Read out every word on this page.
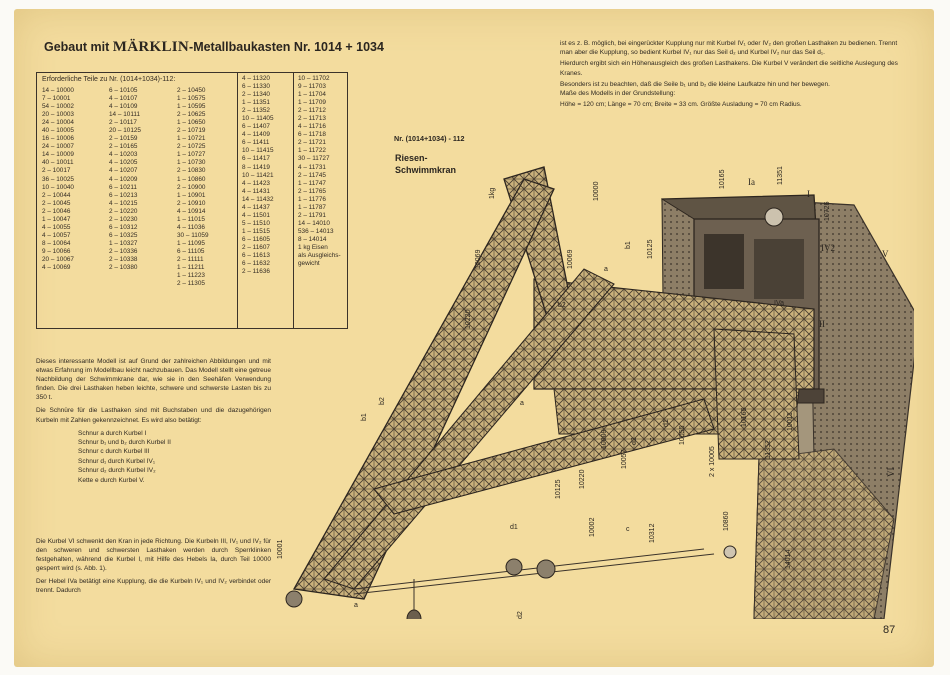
Gebaut mit MÄRKLIN-Metallbaukasten Nr. 1014 + 1034
Erforderliche Teile zu Nr. (1014+1034)-112:
14 – 10000
7 – 10001
54 – 10002
20 – 10003
24 – 10004
40 – 10005
16 – 10006
24 – 10007
14 – 10009
40 – 10011
2 – 10017
36 – 10025
10 – 10040
2 – 10044
2 – 10045
2 – 10046
1 – 10047
4 – 10055
4 – 10057
8 – 10064
9 – 10066
20 – 10067
4 – 10069
6 – 10105
4 – 10107
4 – 10109
14 – 10111
2 – 10117
20 – 10125
2 – 10159
2 – 10165
4 – 10203
4 – 10205
4 – 10207
4 – 10209
6 – 10211
6 – 10213
4 – 10215
2 – 10220
2 – 10230
6 – 10312
6 – 10325
1 – 10327
2 – 10336
2 – 10338
2 – 10380
2 – 10450
1 – 10575
1 – 10595
2 – 10625
1 – 10650
2 – 10719
1 – 10721
2 – 10725
1 – 10727
1 – 10730
2 – 10830
1 – 10860
2 – 10900
1 – 10901
2 – 10910
4 – 10914
1 – 11015
4 – 11036
30 – 11059
1 – 11095
6 – 11105
2 – 11111
1 – 11211
1 – 11223
2 – 11305
4 – 11320
6 – 11330
2 – 11340
1 – 11351
2 – 11352
10 – 11405
6 – 11407
4 – 11409
6 – 11411
10 – 11415
6 – 11417
8 – 11419
10 – 11421
4 – 11423
4 – 11431
14 – 11432
4 – 11437
4 – 11501
5 – 11510
1 – 11515
6 – 11605
2 – 11607
6 – 11613
6 – 11632
2 – 11636
10 – 11702
9 – 11703
1 – 11704
1 – 11709
2 – 11712
2 – 11713
4 – 11716
6 – 11718
2 – 11721
1 – 11722
30 – 11727
4 – 11731
2 – 11745
1 – 11747
2 – 11765
1 – 11776
1 – 11787
2 – 11791
14 – 14010
536 – 14013
8 – 14014
1 kg Eisen
als Ausgleichs-
gewicht

ist es z. B. möglich, bei eingerückter Kupplung nur mit Kurbel IV₁ oder IV₂ den großen Lasthaken zu bedienen. Trennt man aber die Kupplung, so bedient Kurbel IV₁ nur das Seil d₂ und Kurbel IV₂ nur das Seil d₁.

Hierdurch ergibt sich ein Höhenausgleich des großen Lasthakens. Die Kurbel V verändert die seitliche Auslegung des Kranes.

Besonders ist zu beachten, daß die Seile b₁ und b₂ die kleine Laufkatze hin und her bewegen.

Maße des Modells in der Grundstellung:

Höhe = 120 cm; Länge = 70 cm; Breite = 33 cm. Größte Ausladung = 70 cm Radius.

Nr. (1014+1034) - 112
Riesen-
Schwimmkran

Dieses interessante Modell ist auf Grund der zahlreichen Abbildungen und mit etwas Erfahrung im Modellbau leicht nachzubauen. Das Modell stellt eine getreue Nachbildung der Schwimmkrane dar, wie sie in den Seehäfen Verwendung finden. Die drei Lasthaken heben leichte, schwere und schwerste Lasten bis zu 350 t.

Die Schnüre für die Lasthaken sind mit Buchstaben und die dazugehörigen Kurbeln mit Zahlen gekennzeichnet. Es wird also betätigt:

Schnur a durch Kurbel I
Schnur b₁ und b₂ durch Kurbel II
Schnur c durch Kurbel III
Schnur d₁ durch Kurbel IV₁
Schnur d₂ durch Kurbel IV₂
Kette e durch Kurbel V.

Die Kurbel VI schwenkt den Kran in jede Richtung. Die Kurbeln III, IV₁ und IV₂ für den schweren und schwersten Lasthaken werden durch Sperrklinken festgehalten, während die Kurbel I, mit Hilfe des Hebels Ia, durch Teil 10000 gesperrt wird (s. Abb. 1).

Der Hebel IVa betätigt eine Kupplung, die die Kurbeln IV₁ und IV₂ verbindet oder trennt. Dadurch

1kg	10000
10069	10069
a
b1 10125
10165 Ia	11351
I
10725
IV2
V
IVa
II
10220
b2
b1
b2	a
10009	d2 c
d1
10055
10057	2 x 10005
10165	10011
11352
VI
10125
10220
10002	c	10312
10860
d1
d2
10001
a
14014
87
